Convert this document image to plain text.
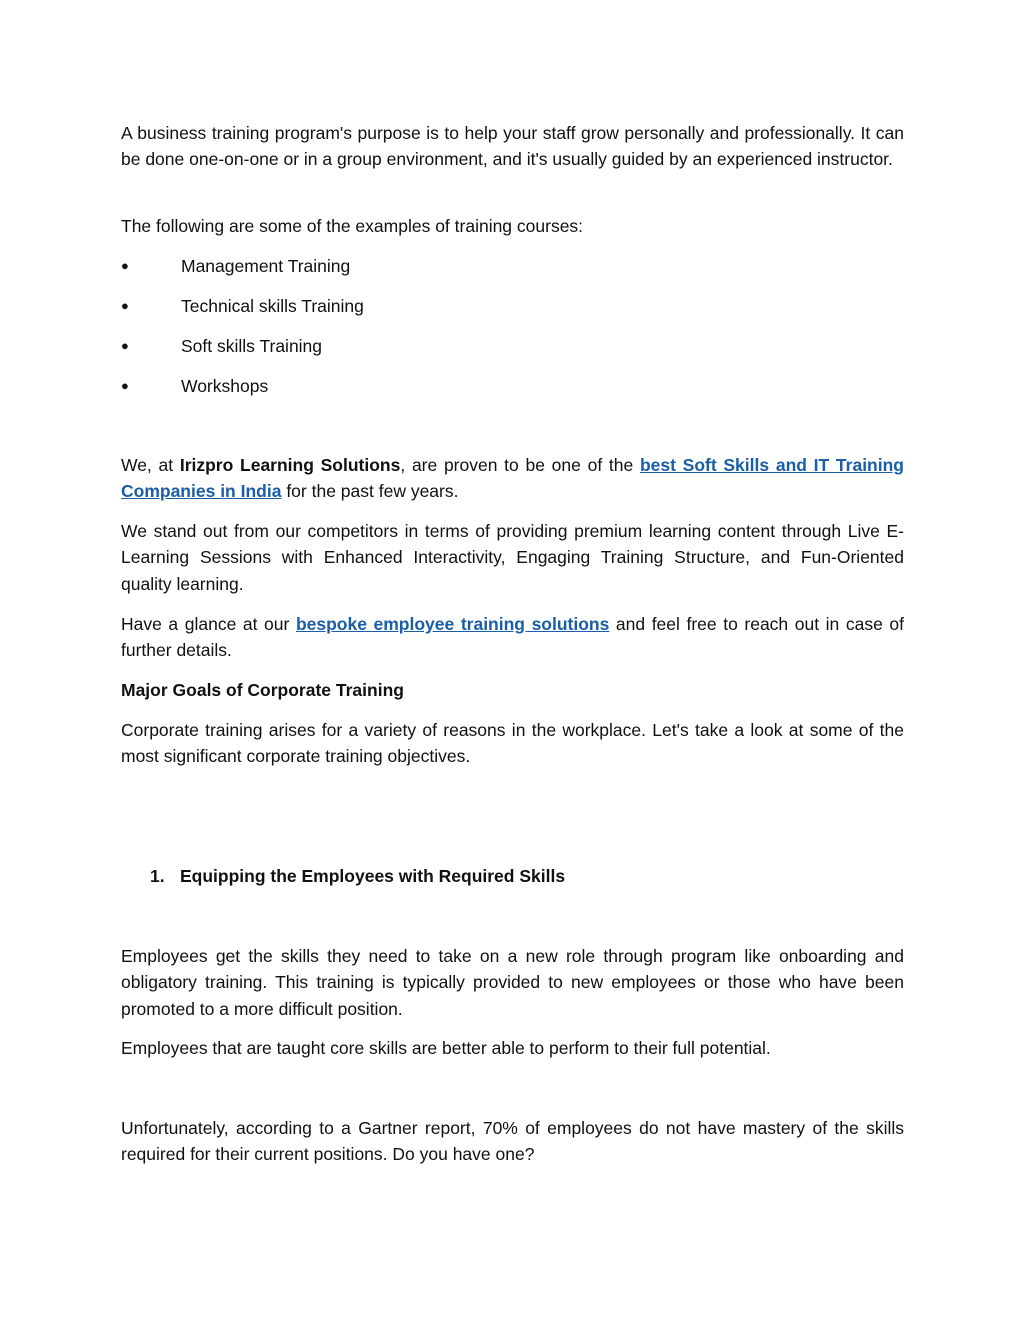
A business training program's purpose is to help your staff grow personally and professionally. It can be done one-on-one or in a group environment, and it's usually guided by an experienced instructor.

The following are some of the examples of training courses:

●	Management Training
●	Technical skills Training
●	Soft skills Training
●	Workshops

We, at Irizpro Learning Solutions, are proven to be one of the best Soft Skills and IT Training Companies in India for the past few years.

We stand out from our competitors in terms of providing premium learning content through Live E-Learning Sessions with Enhanced Interactivity, Engaging Training Structure, and Fun-Oriented quality learning.

Have a glance at our bespoke employee training solutions and feel free to reach out in case of further details.

Major Goals of Corporate Training

Corporate training arises for a variety of reasons in the workplace. Let's take a look at some of the most significant corporate training objectives.

1. Equipping the Employees with Required Skills

Employees get the skills they need to take on a new role through program like onboarding and obligatory training. This training is typically provided to new employees or those who have been promoted to a more difficult position.

Employees that are taught core skills are better able to perform to their full potential.

Unfortunately, according to a Gartner report, 70% of employees do not have mastery of the skills required for their current positions. Do you have one?
